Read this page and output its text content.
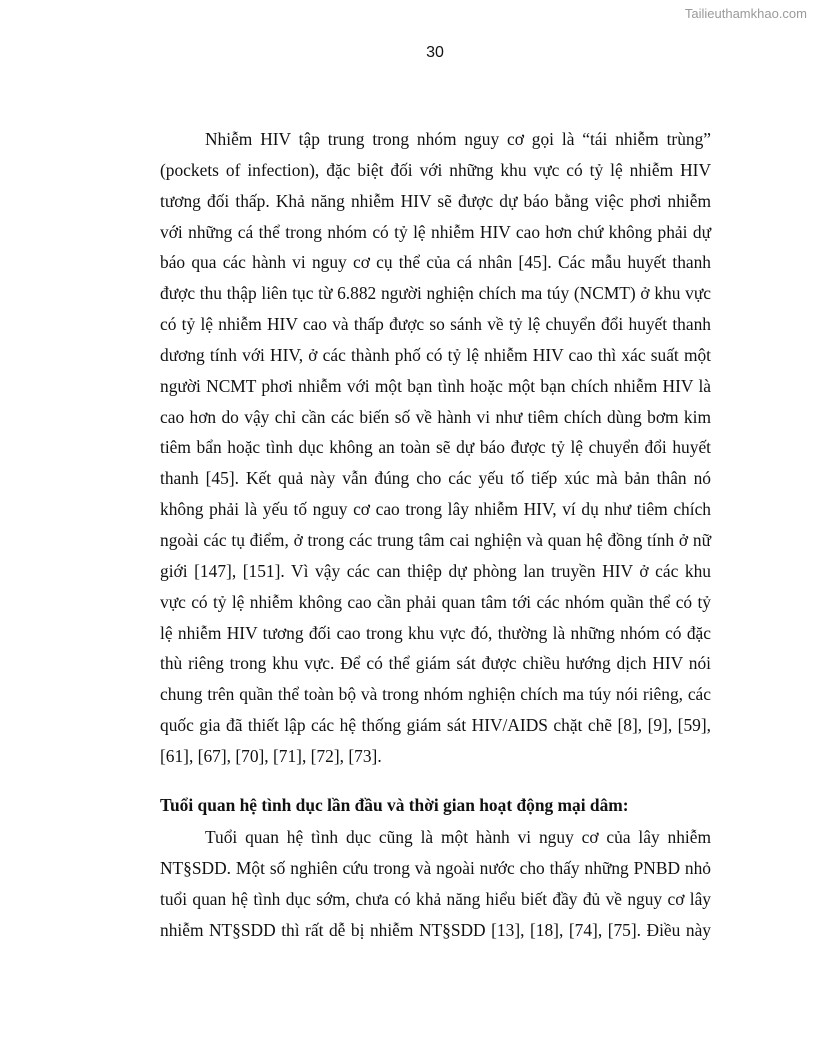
Tailieuthamkhao.com
30
Nhiễm HIV tập trung trong nhóm nguy cơ gọi là “tái nhiễm trùng”
(pockets of infection), đặc biệt đối với những khu vực có tỷ lệ nhiễm HIV
tương đối thấp. Khả năng nhiễm HIV sẽ được dự báo bằng việc phơi nhiễm
với những cá thể trong nhóm có tỷ lệ nhiễm HIV cao hơn chứ không phải dự
báo qua các hành vi nguy cơ cụ thể của cá nhân [45]. Các mẫu huyết thanh
được thu thập liên tục từ 6.882 người nghiện chích ma túy (NCMT) ở khu vực
có tỷ lệ nhiễm HIV cao và thấp được so sánh về tỷ lệ chuyển đổi huyết thanh
dương tính với HIV, ở các thành phố có tỷ lệ nhiễm HIV cao thì xác suất một
người NCMT phơi nhiễm với một bạn tình hoặc một bạn chích nhiễm HIV là
cao hơn do vậy chỉ cần các biến số về hành vi như tiêm chích dùng bơm kim
tiêm bẩn hoặc tình dục không an toàn sẽ dự báo được tỷ lệ chuyển đổi huyết
thanh [45]. Kết quả này vẫn đúng cho các yếu tố tiếp xúc mà bản thân nó
không phải là yếu tố nguy cơ cao trong lây nhiễm HIV, ví dụ như tiêm chích
ngoài các tụ điểm, ở trong các trung tâm cai nghiện và quan hệ đồng tính ở nữ
giới [147], [151]. Vì vậy các can thiệp dự phòng lan truyền HIV ở các khu
vực có tỷ lệ nhiễm không cao cần phải quan tâm tới các nhóm quần thể có tỷ
lệ nhiễm HIV tương đối cao trong khu vực đó, thường là những nhóm có đặc
thù riêng trong khu vực. Để có thể giám sát được chiều hướng dịch HIV nói
chung trên quần thể toàn bộ và trong nhóm nghiện chích ma túy nói riêng, các
quốc gia đã thiết lập các hệ thống giám sát HIV/AIDS chặt chẽ [8], [9], [59],
[61], [67], [70], [71], [72], [73].
Tuổi quan hệ tình dục lần đầu và thời gian hoạt động mại dâm:
Tuổi quan hệ tình dục cũng là một hành vi nguy cơ của lây nhiễm
NT§SDD. Một số nghiên cứu trong và ngoài nước cho thấy những PNBD nhỏ
tuổi quan hệ tình dục sớm, chưa có khả năng hiểu biết đầy đủ về nguy cơ lây
nhiễm NT§SDD thì rất dễ bị nhiễm NT§SDD [13], [18], [74], [75]. Điều này
